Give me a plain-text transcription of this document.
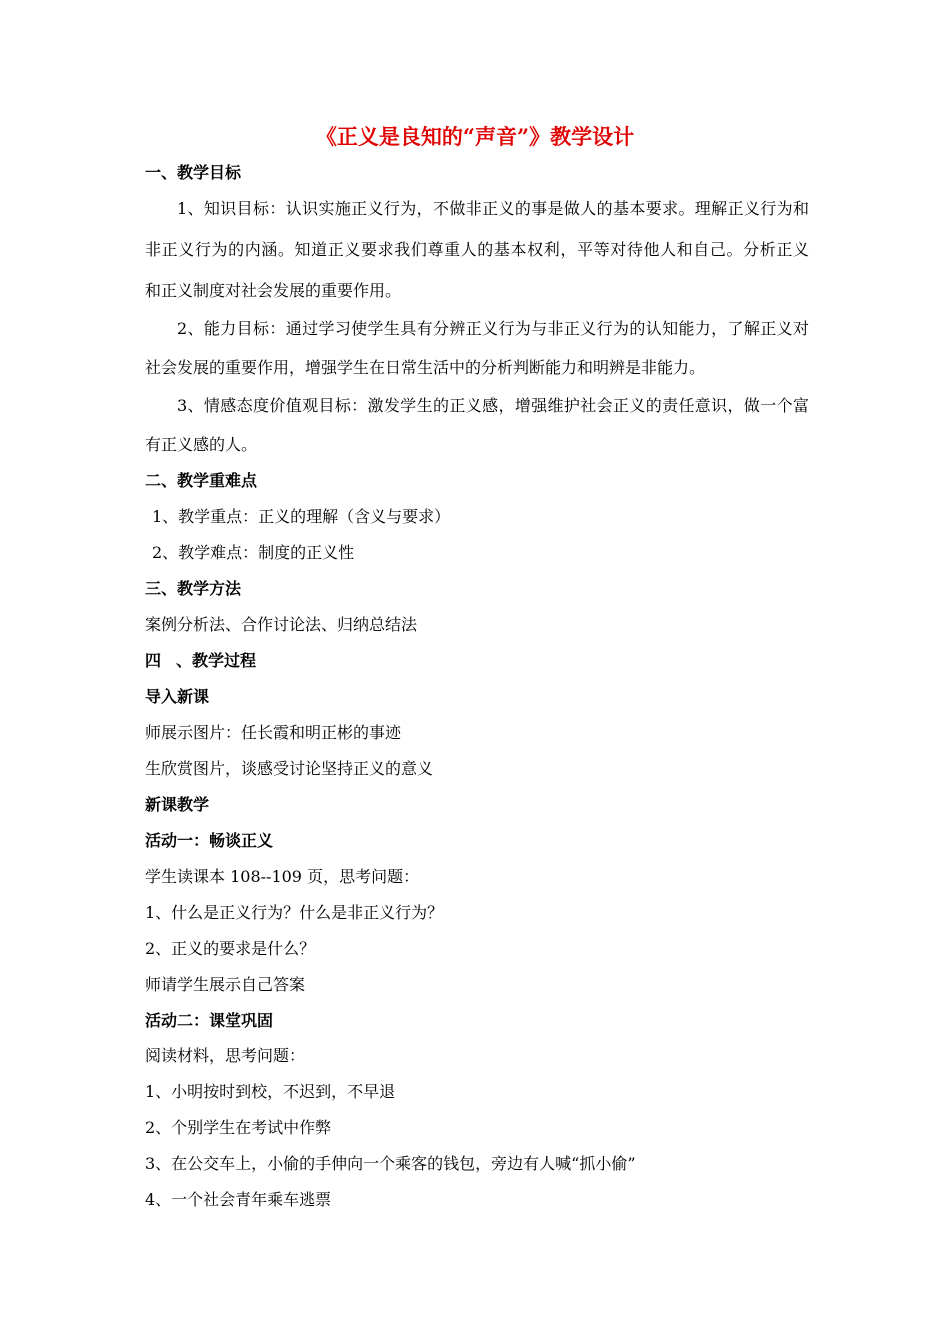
《正义是良知的“声音”》教学设计
一、教学目标
1、知识目标：认识实施正义行为，不做非正义的事是做人的基本要求。理解正义行为和
非正义行为的内涵。知道正义要求我们尊重人的基本权利，平等对待他人和自己。分析正义
和正义制度对社会发展的重要作用。
2、能力目标：通过学习使学生具有分辨正义行为与非正义行为的认知能力，了解正义对
社会发展的重要作用，增强学生在日常生活中的分析判断能力和明辨是非能力。
3、情感态度价值观目标：激发学生的正义感，增强维护社会正义的责任意识，做一个富
有正义感的人。
二、教学重难点
1、教学重点：正义的理解（含义与要求）
2、教学难点：制度的正义性
三、教学方法
案例分析法、合作讨论法、归纳总结法
四 、教学过程
导入新课
师展示图片：任长霞和明正彬的事迹
生欣赏图片，谈感受讨论坚持正义的意义
新课教学
活动一：畅谈正义
学生读课本 108--109 页，思考问题：
1、什么是正义行为？什么是非正义行为？
2、正义的要求是什么？
师请学生展示自己答案
活动二：课堂巩固
阅读材料，思考问题：
1、小明按时到校，不迟到，不早退
2、个别学生在考试中作弊
3、在公交车上，小偷的手伸向一个乘客的钱包，旁边有人喊“抓小偷”
4、一个社会青年乘车逃票
